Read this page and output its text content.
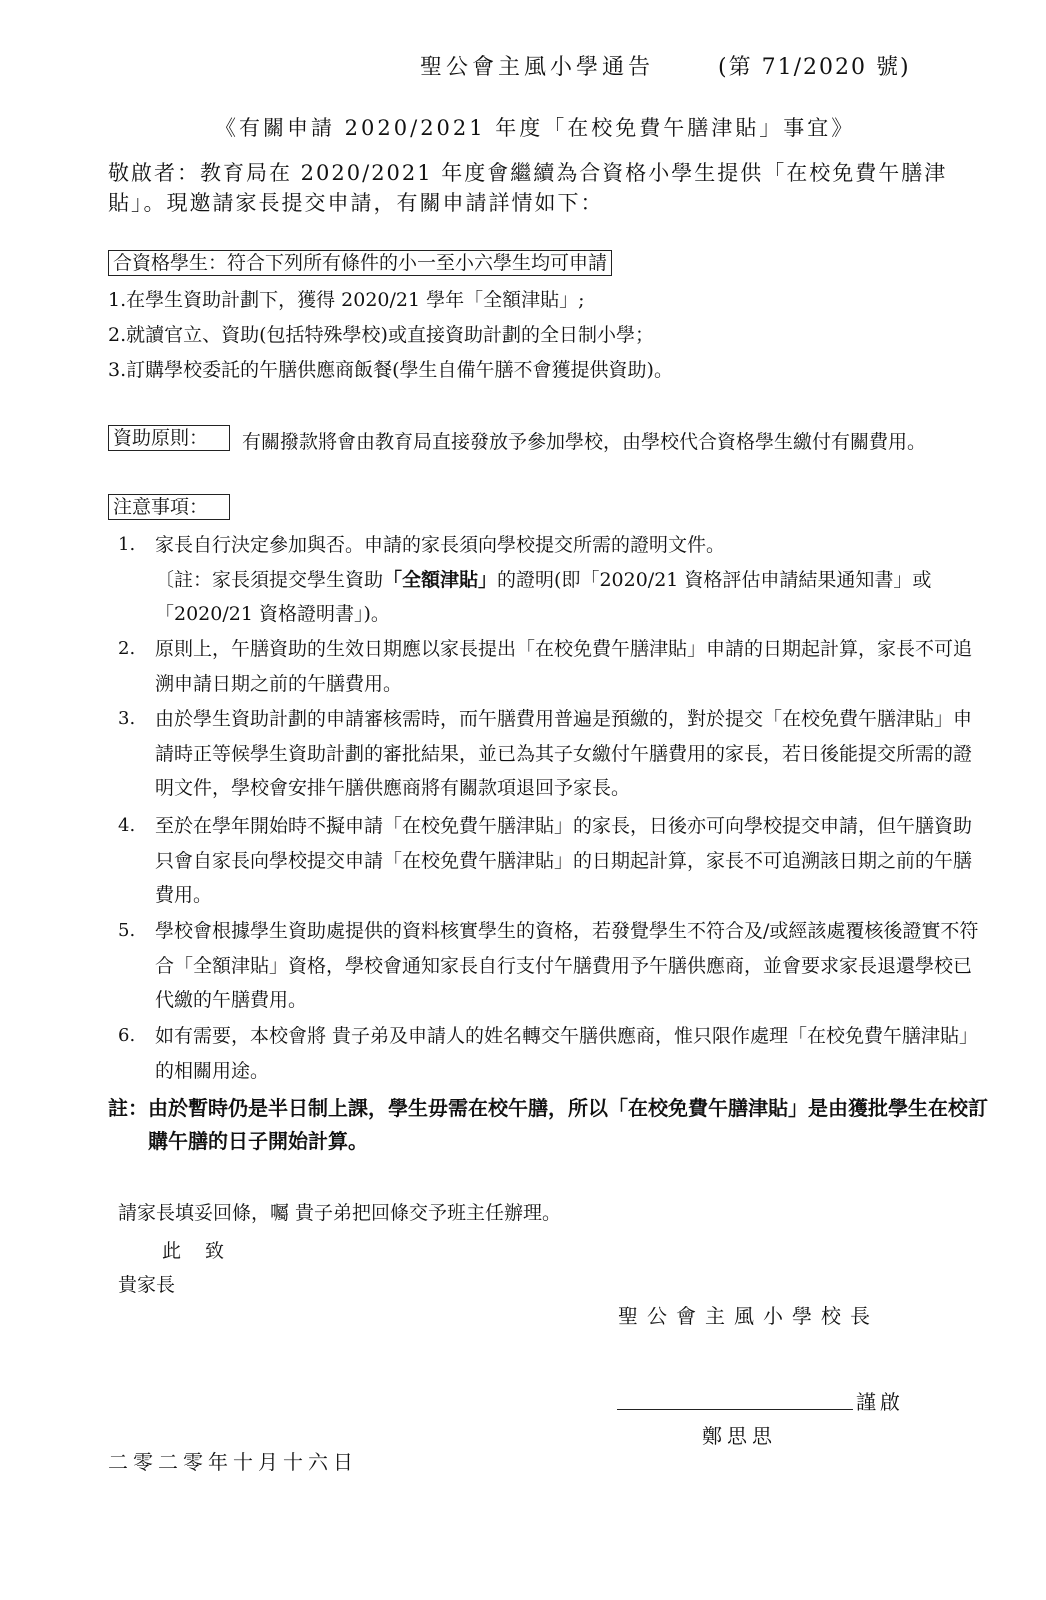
聖公會主風小學通告	(第 71/2020 號)
《有關申請 2020/2021 年度「在校免費午膳津貼」事宜》
敬啟者：教育局在 2020/2021 年度會繼續為合資格小學生提供「在校免費午膳津貼」。現邀請家長提交申請，有關申請詳情如下：
合資格學生：符合下列所有條件的小一至小六學生均可申請
1.在學生資助計劃下，獲得 2020/21 學年「全額津貼」;
2.就讀官立、資助(包括特殊學校)或直接資助計劃的全日制小學；
3.訂購學校委託的午膳供應商飯餐(學生自備午膳不會獲提供資助)。
資助原則：	有關撥款將會由教育局直接發放予參加學校，由學校代合資格學生繳付有關費用。
注意事項：
1. 家長自行決定參加與否。申請的家長須向學校提交所需的證明文件。
〔註：家長須提交學生資助「全額津貼」的證明(即「2020/21 資格評估申請結果通知書」或「2020/21 資格證明書」)。
2. 原則上，午膳資助的生效日期應以家長提出「在校免費午膳津貼」申請的日期起計算，家長不可追溯申請日期之前的午膳費用。
3. 由於學生資助計劃的申請審核需時，而午膳費用普遍是預繳的，對於提交「在校免費午膳津貼」申請時正等候學生資助計劃的審批結果，並已為其子女繳付午膳費用的家長，若日後能提交所需的證明文件，學校會安排午膳供應商將有關款項退回予家長。
4. 至於在學年開始時不擬申請「在校免費午膳津貼」的家長，日後亦可向學校提交申請，但午膳資助只會自家長向學校提交申請「在校免費午膳津貼」的日期起計算，家長不可追溯該日期之前的午膳費用。
5. 學校會根據學生資助處提供的資料核實學生的資格，若發覺學生不符合及/或經該處覆核後證實不符合「全額津貼」資格，學校會通知家長自行支付午膳費用予午膳供應商，並會要求家長退還學校已代繳的午膳費用。
6. 如有需要，本校會將 貴子弟及申請人的姓名轉交午膳供應商，惟只限作處理「在校免費午膳津貼」的相關用途。
註： 由於暫時仍是半日制上課，學生毋需在校午膳，所以「在校免費午膳津貼」是由獲批學生在校訂購午膳的日子開始計算。
請家長填妥回條，囑 貴子弟把回條交予班主任辦理。
此致
貴家長
聖公會主風小學校長
謹啟
鄭思思
二零二零年十月十六日
